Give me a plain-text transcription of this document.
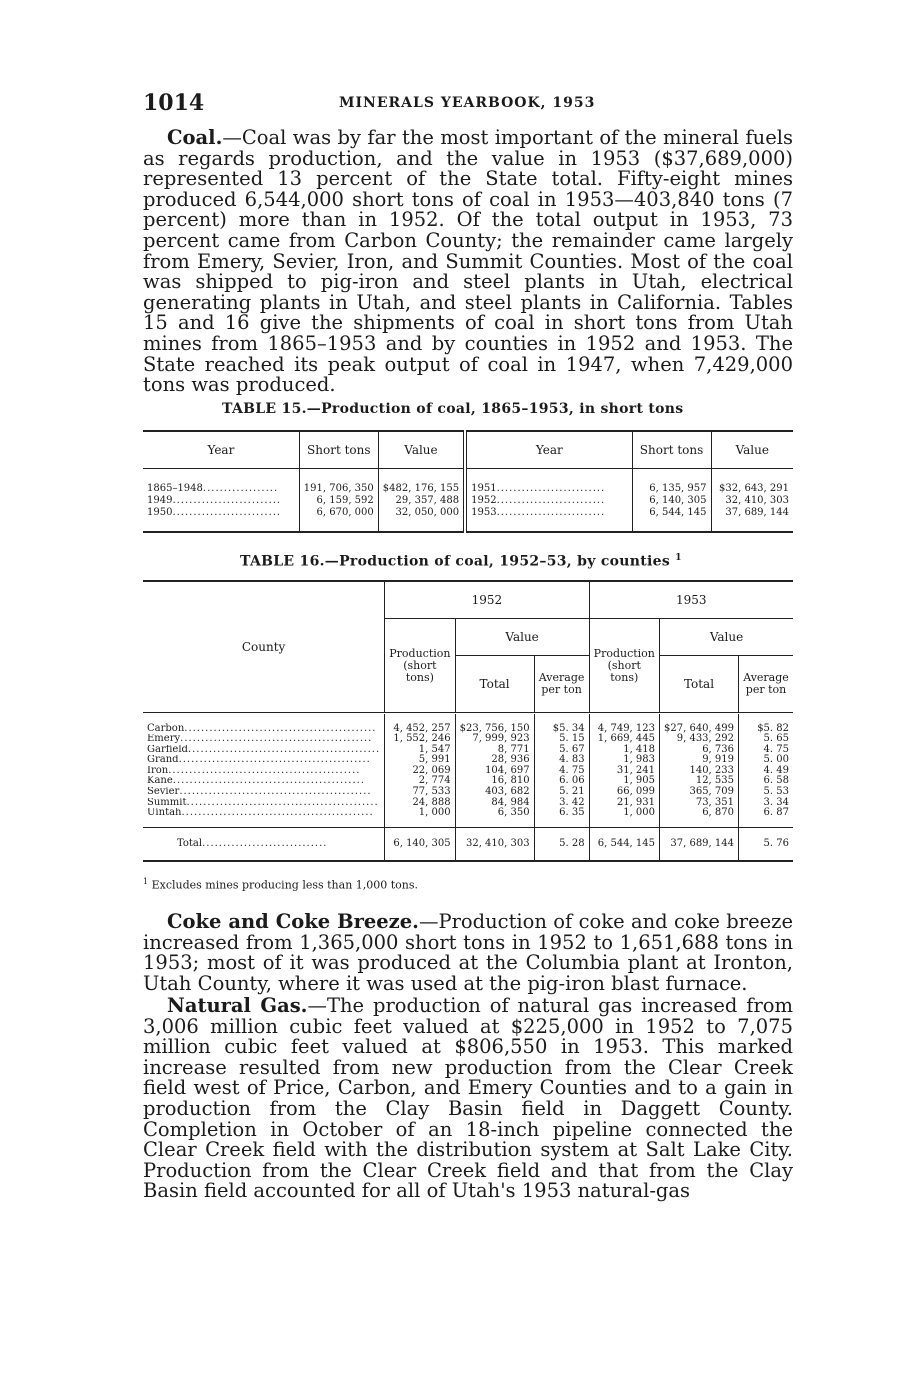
1014	MINERALS YEARBOOK, 1953

Coal.—Coal was by far the most important of the mineral fuels as regards production, and the value in 1953 ($37,689,000) represented 13 percent of the State total. Fifty-eight mines produced 6,544,000 short tons of coal in 1953—403,840 tons (7 percent) more than in 1952. Of the total output in 1953, 73 percent came from Carbon County; the remainder came largely from Emery, Sevier, Iron, and Summit Counties. Most of the coal was shipped to pig-iron and steel plants in Utah, electrical generating plants in Utah, and steel plants in California. Tables 15 and 16 give the shipments of coal in short tons from Utah mines from 1865–1953 and by counties in 1952 and 1953. The State reached its peak output of coal in 1947, when 7,429,000 tons was produced.

TABLE 15.—Production of coal, 1865–1953, in short tons
Year	Short tons	Value	Year	Short tons	Value
1865–1948..................	191, 706, 350	$482, 176, 155	1951..........................	6, 135, 957	$32, 643, 291
1949..........................	6, 159, 592	29, 357, 488	1952..........................	6, 140, 305	32, 410, 303
1950..........................	6, 670, 000	32, 050, 000	1953..........................	6, 544, 145	37, 689, 144
TABLE 16.—Production of coal, 1952–53, by counties $^1$
County	1952			1953		
	Production (short tons)	Value		Production (short tons)	Value	
		Total	Average per ton		Total	Average per ton

Carbon..............................................	4, 452, 257	$23, 756, 150	$5. 34	4, 749, 123	$27, 640, 499	$5. 82
Emery..............................................	1, 552, 246	7, 999, 923	5. 15	1, 669, 445	9, 433, 292	5. 65
Garfield..............................................	1, 547	8, 771	5. 67	1, 418	6, 736	4. 75
Grand..............................................	5, 991	28, 936	4. 83	1, 983	9, 919	5. 00
Iron..............................................	22, 069	104, 697	4. 75	31, 241	140, 233	4. 49
Kane..............................................	2, 774	16, 810	6. 06	1, 905	12, 535	6. 58
Sevier..............................................	77, 533	403, 682	5. 21	66, 099	365, 709	5. 53
Summit..............................................	24, 888	84, 984	3. 42	21, 931	73, 351	3. 34
Uintah..............................................	1, 000	6, 350	6. 35	1, 000	6, 870	6. 87
Total..............................	6, 140, 305	32, 410, 303	5. 28	6, 544, 145	37, 689, 144	5. 76
$^1$ Excludes mines producing less than 1,000 tons.

Coke and Coke Breeze.—Production of coke and coke breeze increased from 1,365,000 short tons in 1952 to 1,651,688 tons in 1953; most of it was produced at the Columbia plant at Ironton, Utah County, where it was used at the pig-iron blast furnace.

Natural Gas.—The production of natural gas increased from 3,006 million cubic feet valued at $225,000 in 1952 to 7,075 million cubic feet valued at $806,550 in 1953. This marked increase resulted from new production from the Clear Creek field west of Price, Carbon, and Emery Counties and to a gain in production from the Clay Basin field in Daggett County. Completion in October of an 18-inch pipeline connected the Clear Creek field with the distribution system at Salt Lake City. Production from the Clear Creek field and that from the Clay Basin field accounted for all of Utah's 1953 natural-gas
